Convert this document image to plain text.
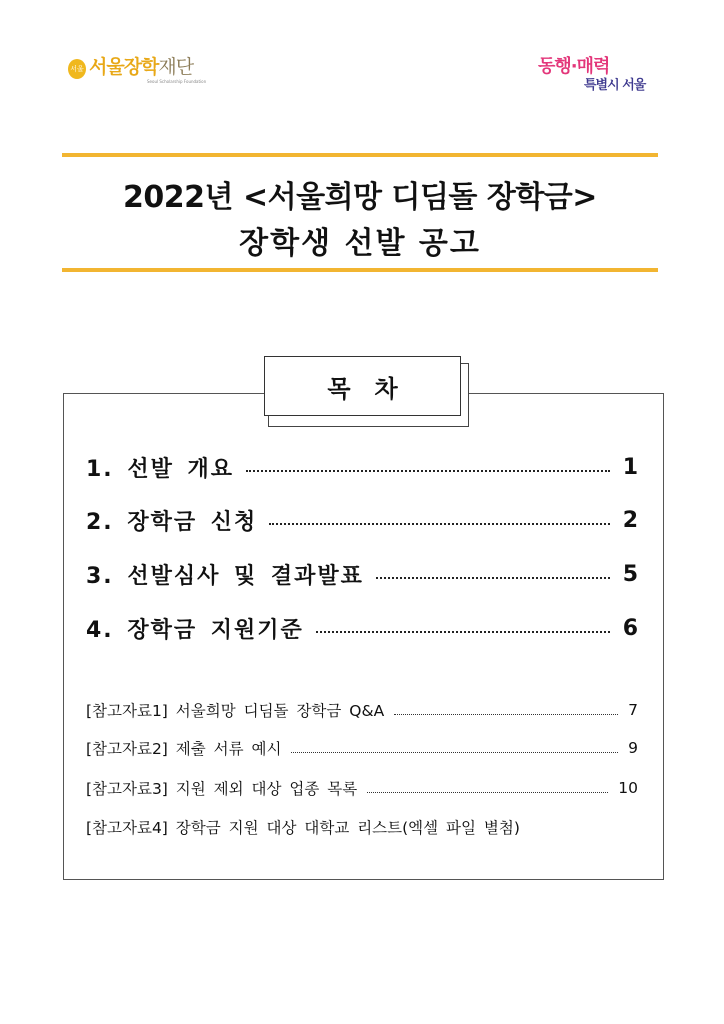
서울 서울장학재단
Seoul Scholarship Foundation
동행·매력
특별시 서울
2022년 <서울희망 디딤돌 장학금>
장학생 선발 공고
목차
1. 선발 개요	1
2. 장학금 신청	2
3. 선발심사 및 결과발표	5
4. 장학금 지원기준	6
[참고자료1] 서울희망 디딤돌 장학금 Q&A	7
[참고자료2] 제출 서류 예시	9
[참고자료3] 지원 제외 대상 업종 목록	10
[참고자료4] 장학금 지원 대상 대학교 리스트(엑셀 파일 별첨)
